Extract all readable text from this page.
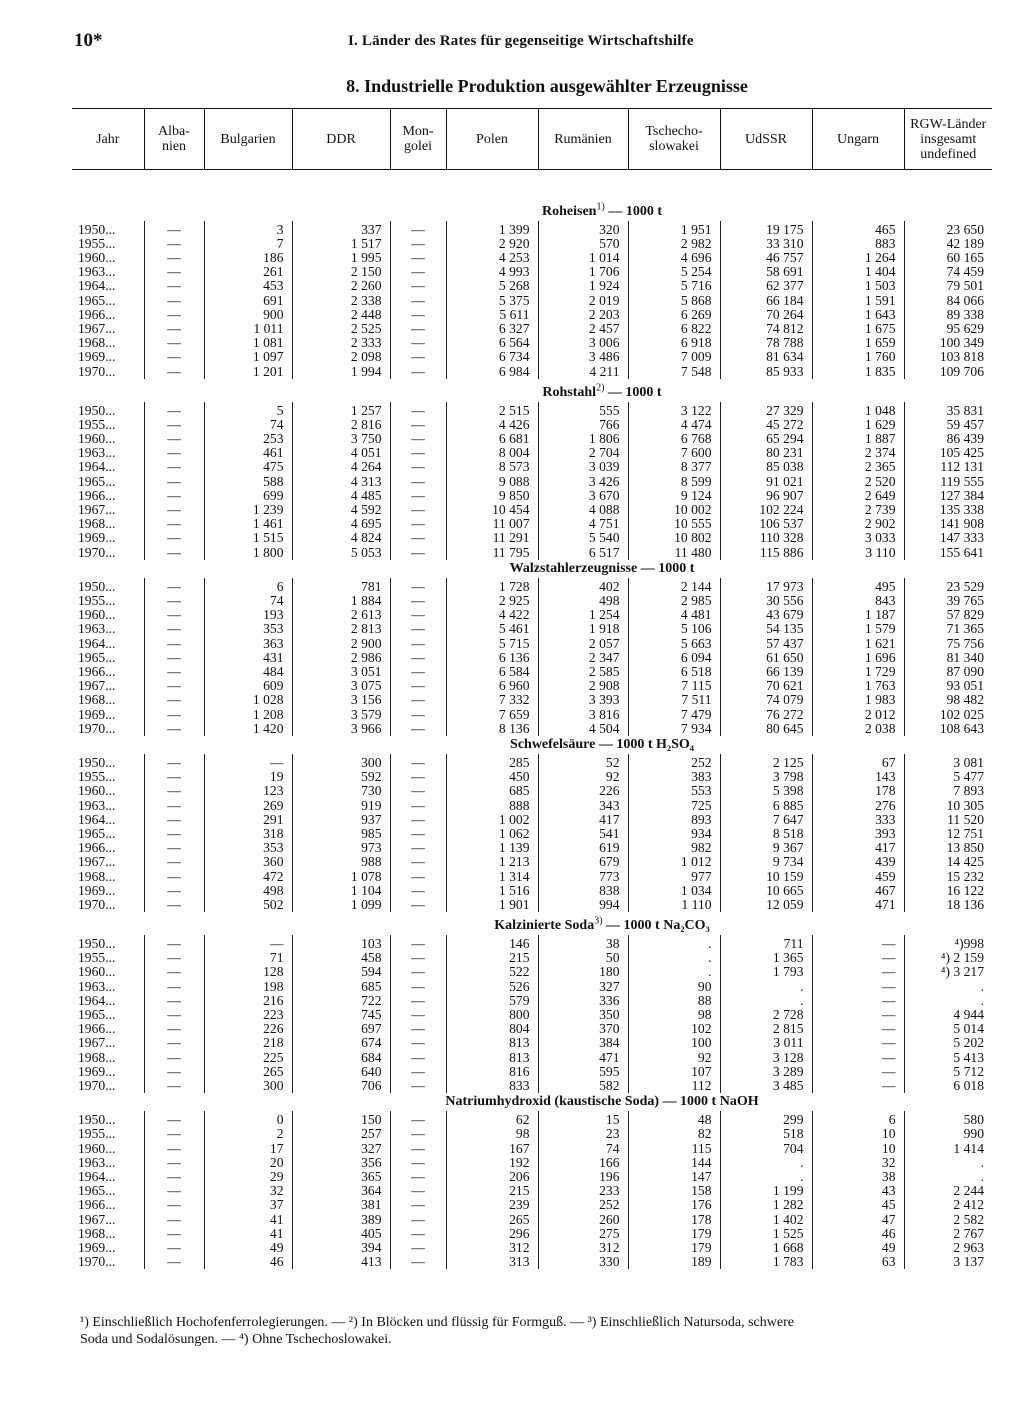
10*	I. Länder des Rates für gegenseitige Wirtschaftshilfe
8. Industrielle Produktion ausgewählter Erzeugnisse
Jahr	Alba-
nien	Bulgarien	DDR	Mon-
golei	Polen	Rumänien	Tschecho-
slowakei	UdSSR	Ungarn	RGW-Länder
insgesamt
undefined

Roheisen$^{1)}$ — 1000 t										
1950...	—	3	337	—	1 399	320	1 951	19 175	465	23 650
1955...	—	7	1 517	—	2 920	570	2 982	33 310	883	42 189
1960...	—	186	1 995	—	4 253	1 014	4 696	46 757	1 264	60 165
1963...	—	261	2 150	—	4 993	1 706	5 254	58 691	1 404	74 459
1964...	—	453	2 260	—	5 268	1 924	5 716	62 377	1 503	79 501
1965...	—	691	2 338	—	5 375	2 019	5 868	66 184	1 591	84 066
1966...	—	900	2 448	—	5 611	2 203	6 269	70 264	1 643	89 338
1967...	—	1 011	2 525	—	6 327	2 457	6 822	74 812	1 675	95 629
1968...	—	1 081	2 333	—	6 564	3 006	6 918	78 788	1 659	100 349
1969...	—	1 097	2 098	—	6 734	3 486	7 009	81 634	1 760	103 818
1970...	—	1 201	1 994	—	6 984	4 211	7 548	85 933	1 835	109 706
Rohstahl$^{2)}$ — 1000 t										
1950...	—	5	1 257	—	2 515	555	3 122	27 329	1 048	35 831
1955...	—	74	2 816	—	4 426	766	4 474	45 272	1 629	59 457
1960...	—	253	3 750	—	6 681	1 806	6 768	65 294	1 887	86 439
1963...	—	461	4 051	—	8 004	2 704	7 600	80 231	2 374	105 425
1964...	—	475	4 264	—	8 573	3 039	8 377	85 038	2 365	112 131
1965...	—	588	4 313	—	9 088	3 426	8 599	91 021	2 520	119 555
1966...	—	699	4 485	—	9 850	3 670	9 124	96 907	2 649	127 384
1967...	—	1 239	4 592	—	10 454	4 088	10 002	102 224	2 739	135 338
1968...	—	1 461	4 695	—	11 007	4 751	10 555	106 537	2 902	141 908
1969...	—	1 515	4 824	—	11 291	5 540	10 802	110 328	3 033	147 333
1970...	—	1 800	5 053	—	11 795	6 517	11 480	115 886	3 110	155 641
Walzstahlerzeugnisse — 1000 t										
1950...	—	6	781	—	1 728	402	2 144	17 973	495	23 529
1955...	—	74	1 884	—	2 925	498	2 985	30 556	843	39 765
1960...	—	193	2 613	—	4 422	1 254	4 481	43 679	1 187	57 829
1963...	—	353	2 813	—	5 461	1 918	5 106	54 135	1 579	71 365
1964...	—	363	2 900	—	5 715	2 057	5 663	57 437	1 621	75 756
1965...	—	431	2 986	—	6 136	2 347	6 094	61 650	1 696	81 340
1966...	—	484	3 051	—	6 584	2 585	6 518	66 139	1 729	87 090
1967...	—	609	3 075	—	6 960	2 908	7 115	70 621	1 763	93 051
1968...	—	1 028	3 156	—	7 332	3 393	7 511	74 079	1 983	98 482
1969...	—	1 208	3 579	—	7 659	3 816	7 479	76 272	2 012	102 025
1970...	—	1 420	3 966	—	8 136	4 504	7 934	80 645	2 038	108 643
Schwefelsäure — 1000 t H₂SO₄										
1950...	—	—	300	—	285	52	252	2 125	67	3 081
1955...	—	19	592	—	450	92	383	3 798	143	5 477
1960...	—	123	730	—	685	226	553	5 398	178	7 893
1963...	—	269	919	—	888	343	725	6 885	276	10 305
1964...	—	291	937	—	1 002	417	893	7 647	333	11 520
1965...	—	318	985	—	1 062	541	934	8 518	393	12 751
1966...	—	353	973	—	1 139	619	982	9 367	417	13 850
1967...	—	360	988	—	1 213	679	1 012	9 734	439	14 425
1968...	—	472	1 078	—	1 314	773	977	10 159	459	15 232
1969...	—	498	1 104	—	1 516	838	1 034	10 665	467	16 122
1970...	—	502	1 099	—	1 901	994	1 110	12 059	471	18 136
Kalzinierte Soda$^{3)}$ — 1000 t Na₂CO₃										
1950...	—	—	103	—	146	38	.	711	—	⁴)998
1955...	—	71	458	—	215	50	.	1 365	—	⁴) 2 159
1960...	—	128	594	—	522	180	.	1 793	—	⁴) 3 217
1963...	—	198	685	—	526	327	90	.	—	.
1964...	—	216	722	—	579	336	88	.	—	.
1965...	—	223	745	—	800	350	98	2 728	—	4 944
1966...	—	226	697	—	804	370	102	2 815	—	5 014
1967...	—	218	674	—	813	384	100	3 011	—	5 202
1968...	—	225	684	—	813	471	92	3 128	—	5 413
1969...	—	265	640	—	816	595	107	3 289	—	5 712
1970...	—	300	706	—	833	582	112	3 485	—	6 018
Natriumhydroxid (kaustische Soda) — 1000 t NaOH										
1950...	—	0	150	—	62	15	48	299	6	580
1955...	—	2	257	—	98	23	82	518	10	990
1960...	—	17	327	—	167	74	115	704	10	1 414
1963...	—	20	356	—	192	166	144	.	32	.
1964...	—	29	365	—	206	196	147	.	38	.
1965...	—	32	364	—	215	233	158	1 199	43	2 244
1966...	—	37	381	—	239	252	176	1 282	45	2 412
1967...	—	41	389	—	265	260	178	1 402	47	2 582
1968...	—	41	405	—	296	275	179	1 525	46	2 767
1969...	—	49	394	—	312	312	179	1 668	49	2 963
1970...	—	46	413	—	313	330	189	1 783	63	3 137
¹) Einschließlich Hochofenferrolegierungen. — ²) In Blöcken und flüssig für Formguß. — ³) Einschließlich Natursoda, schwere
Soda und Sodalösungen. — ⁴) Ohne Tschechoslowakei.
